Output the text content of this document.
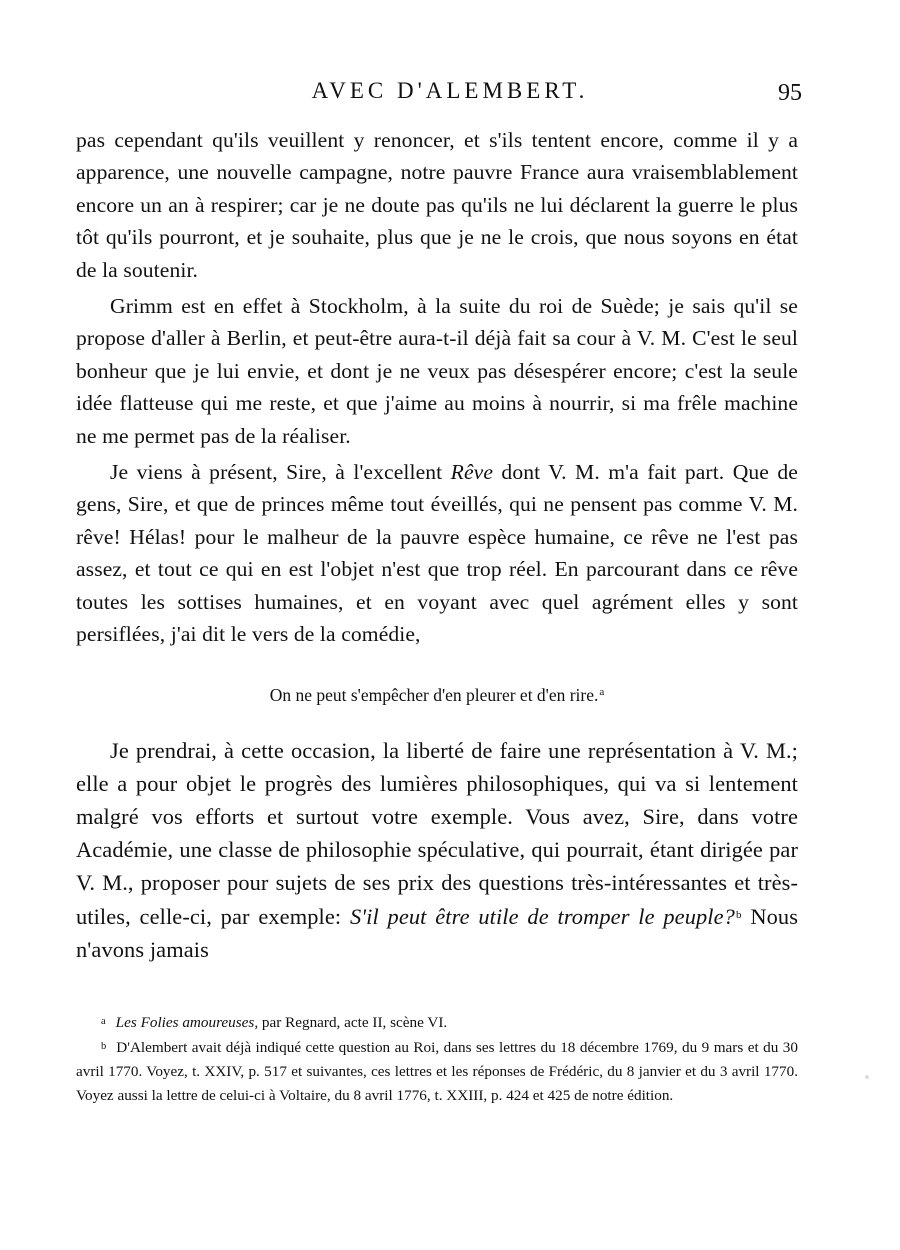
AVEC D'ALEMBERT.	95

pas cependant qu'ils veuillent y renoncer, et s'ils tentent encore, comme il y a apparence, une nouvelle campagne, notre pauvre France aura vraisemblablement encore un an à respirer; car je ne doute pas qu'ils ne lui déclarent la guerre le plus tôt qu'ils pourront, et je souhaite, plus que je ne le crois, que nous soyons en état de la soutenir.

Grimm est en effet à Stockholm, à la suite du roi de Suède; je sais qu'il se propose d'aller à Berlin, et peut-être aura-t-il déjà fait sa cour à V. M. C'est le seul bonheur que je lui envie, et dont je ne veux pas désespérer encore; c'est la seule idée flatteuse qui me reste, et que j'aime au moins à nourrir, si ma frêle machine ne me permet pas de la réaliser.

Je viens à présent, Sire, à l'excellent Rêve dont V. M. m'a fait part. Que de gens, Sire, et que de princes même tout éveillés, qui ne pensent pas comme V. M. rêve! Hélas! pour le malheur de la pauvre espèce humaine, ce rêve ne l'est pas assez, et tout ce qui en est l'objet n'est que trop réel. En parcourant dans ce rêve toutes les sottises humaines, et en voyant avec quel agrément elles y sont persiflées, j'ai dit le vers de la comédie,

On ne peut s'empêcher d'en pleurer et d'en rire.$^a$

Je prendrai, à cette occasion, la liberté de faire une représentation à V. M.; elle a pour objet le progrès des lumières philosophiques, qui va si lentement malgré vos efforts et surtout votre exemple. Vous avez, Sire, dans votre Académie, une classe de philosophie spéculative, qui pourrait, étant dirigée par V. M., proposer pour sujets de ses prix des questions très-intéressantes et très-utiles, celle-ci, par exemple: S'il peut être utile de tromper le peuple?$^b$ Nous n'avons jamais

a Les Folies amoureuses, par Regnard, acte II, scène VI.

b D'Alembert avait déjà indiqué cette question au Roi, dans ses lettres du 18 décembre 1769, du 9 mars et du 30 avril 1770. Voyez, t. XXIV, p. 517 et suivantes, ces lettres et les réponses de Frédéric, du 8 janvier et du 3 avril 1770. Voyez aussi la lettre de celui-ci à Voltaire, du 8 avril 1776, t. XXIII, p. 424 et 425 de notre édition.
